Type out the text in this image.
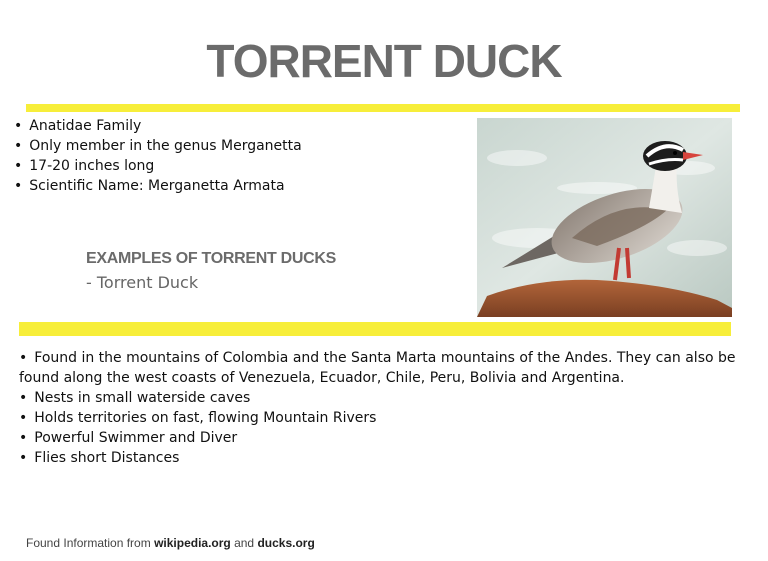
TORRENT DUCK
• Anatidae Family
• Only member in the genus Merganetta
• 17-20 inches long
• Scientific Name: Merganetta Armata
EXAMPLES OF TORRENT DUCKS
- Torrent Duck
• Found in the mountains of Colombia and the Santa Marta mountains of the Andes. They can also be found along the west coasts of Venezuela, Ecuador, Chile, Peru, Bolivia and Argentina.
• Nests in small waterside caves
• Holds territories on fast, flowing Mountain Rivers
• Powerful Swimmer and Diver
• Flies short Distances
Found Information from wikipedia.org and ducks.org
